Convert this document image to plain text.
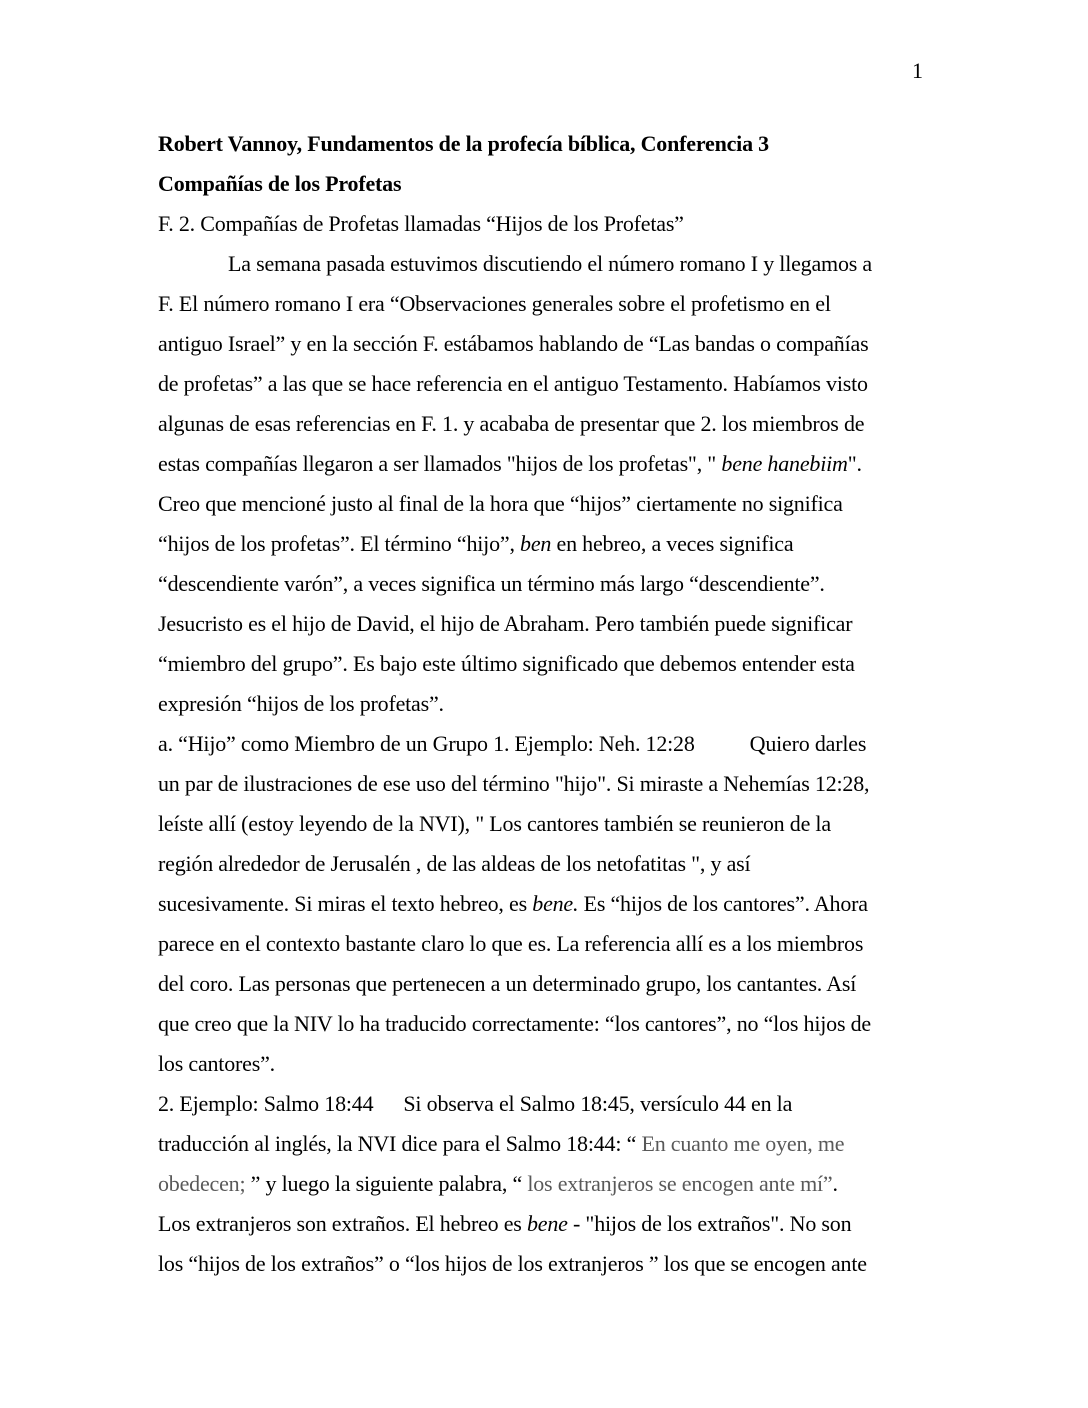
1
Robert Vannoy, Fundamentos de la profecía bíblica, Conferencia 3
Compañías de los Profetas
F. 2. Compañías de Profetas llamadas “Hijos de los Profetas”
La semana pasada estuvimos discutiendo el número romano I y llegamos a
F. El número romano I era “Observaciones generales sobre el profetismo en el
antiguo Israel” y en la sección F. estábamos hablando de “Las bandas o compañías
de profetas” a las que se hace referencia en el antiguo Testamento. Habíamos visto
algunas de esas referencias en F. 1. y acababa de presentar que 2. los miembros de
estas compañías llegaron a ser llamados "hijos de los profetas", " bene hanebiim".
Creo que mencioné justo al final de la hora que “hijos” ciertamente no significa
“hijos de los profetas”. El término “hijo”, ben en hebreo, a veces significa
“descendiente varón”, a veces significa un término más largo “descendiente”.
Jesucristo es el hijo de David, el hijo de Abraham. Pero también puede significar
“miembro del grupo”. Es bajo este último significado que debemos entender esta
expresión “hijos de los profetas”.
a. “Hijo” como Miembro de un Grupo 1. Ejemplo: Neh. 12:28	Quiero darles
un par de ilustraciones de ese uso del término "hijo". Si miraste a Nehemías 12:28,
leíste allí (estoy leyendo de la NVI), " Los cantores también se reunieron de la
región alrededor de Jerusalén , de las aldeas de los netofatitas ", y así
sucesivamente. Si miras el texto hebreo, es bene. Es “hijos de los cantores”. Ahora
parece en el contexto bastante claro lo que es. La referencia allí es a los miembros
del coro. Las personas que pertenecen a un determinado grupo, los cantantes. Así
que creo que la NIV lo ha traducido correctamente: “los cantores”, no “los hijos de
los cantores”.
2. Ejemplo: Salmo 18:44 Si observa el Salmo 18:45, versículo 44 en la
traducción al inglés, la NVI dice para el Salmo 18:44: “ En cuanto me oyen, me
obedecen; ” y luego la siguiente palabra, “ los extranjeros se encogen ante mí”.
Los extranjeros son extraños. El hebreo es bene - "hijos de los extraños". No son
los “hijos de los extraños” o “los hijos de los extranjeros ” los que se encogen ante
